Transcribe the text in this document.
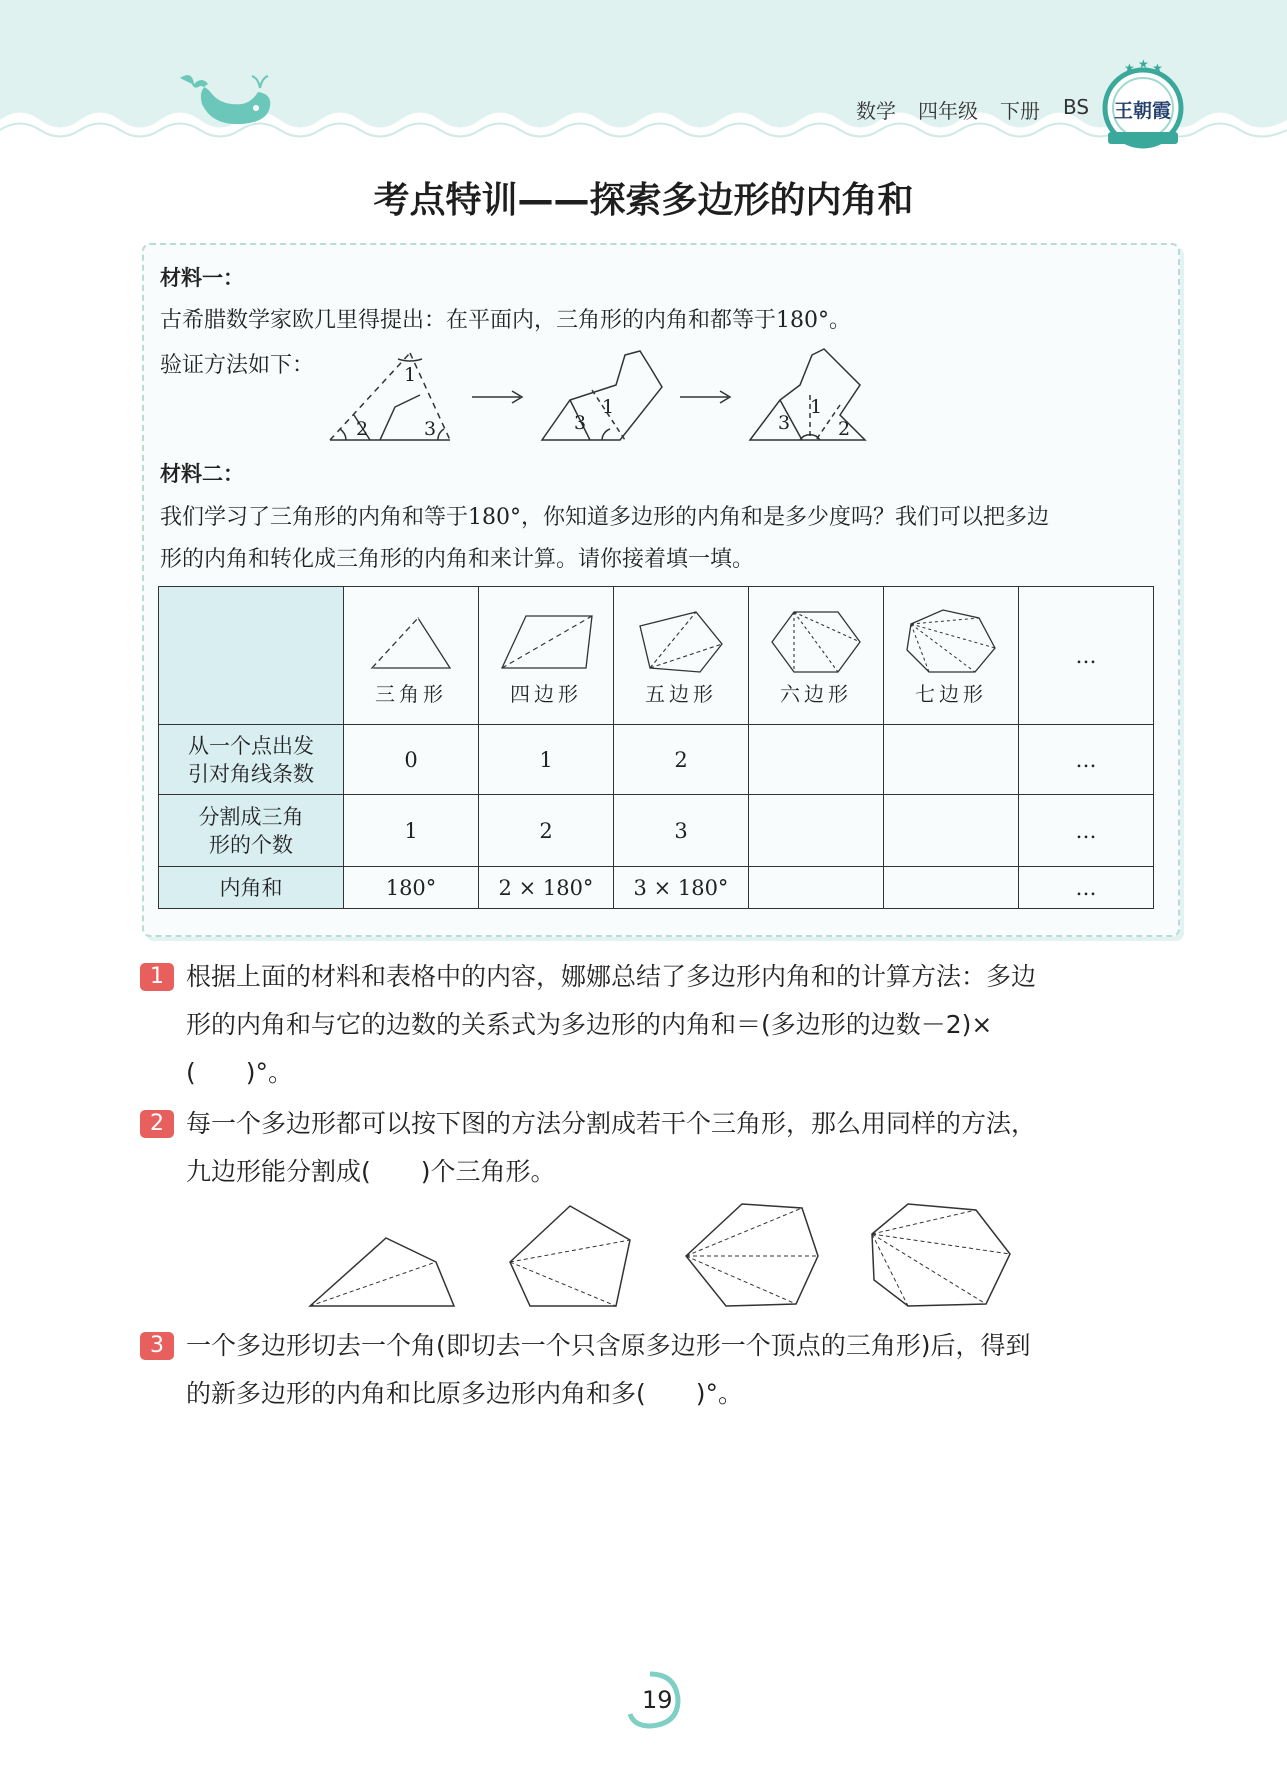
数学 四年级 下册 BS
★ ★ ★
王朝霞
考点特训——探索多边形的内角和
材料一：
古希腊数学家欧几里得提出：在平面内，三角形的内角和都等于180°。
验证方法如下：	1
2	3	3
1
3
1
2
材料二：
我们学习了三角形的内角和等于180°，你知道多边形的内角和是多少度吗？我们可以把多边
形的内角和转化成三角形的内角和来计算。请你接着填一填。

	三角形	四边形	五边形	六边形	七边形	…

从一个点出发
引对角线条数	0	1	2			…

分割成三角
形的个数	1	2	3			…

内角和	180°	2 × 180°	3 × 180°			…
1 根据上面的材料和表格中的内容，娜娜总结了多边形内角和的计算方法：多边
形的内角和与它的边数的关系式为多边形的内角和＝(多边形的边数－2)×
(　　)°。
2 每一个多边形都可以按下图的方法分割成若干个三角形，那么用同样的方法，
九边形能分割成(　　)个三角形。
3 一个多边形切去一个角(即切去一个只含原多边形一个顶点的三角形)后，得到
的新多边形的内角和比原多边形内角和多(　　)°。
19
